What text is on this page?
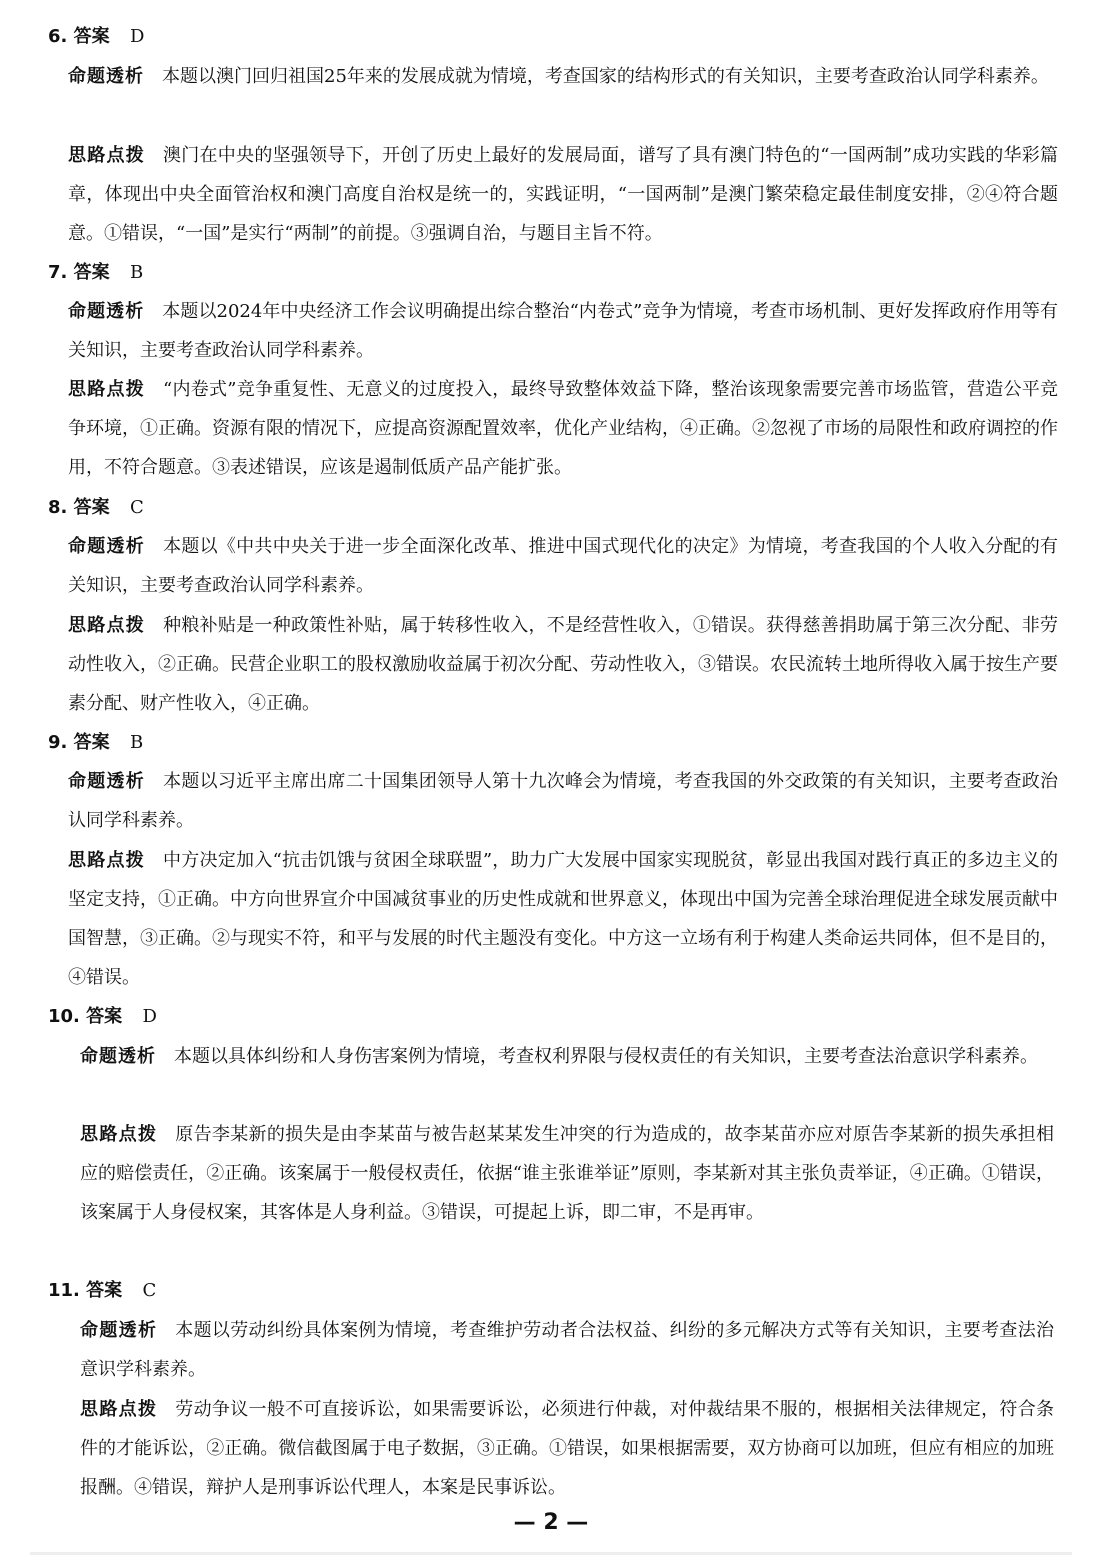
6. 答案 D

命题透析 本题以澳门回归祖国25年来的发展成就为情境，考查国家的结构形式的有关知识，主要考查政治认同学科素养。

思路点拨 澳门在中央的坚强领导下，开创了历史上最好的发展局面，谱写了具有澳门特色的“一国两制”成功实践的华彩篇章，体现出中央全面管治权和澳门高度自治权是统一的，实践证明，“一国两制”是澳门繁荣稳定最佳制度安排，②④符合题意。①错误，“一国”是实行“两制”的前提。③强调自治，与题目主旨不符。

7. 答案 B

命题透析 本题以2024年中央经济工作会议明确提出综合整治“内卷式”竞争为情境，考查市场机制、更好发挥政府作用等有关知识，主要考查政治认同学科素养。

思路点拨 “内卷式”竞争重复性、无意义的过度投入，最终导致整体效益下降，整治该现象需要完善市场监管，营造公平竞争环境，①正确。资源有限的情况下，应提高资源配置效率，优化产业结构，④正确。②忽视了市场的局限性和政府调控的作用，不符合题意。③表述错误，应该是遏制低质产品产能扩张。

8. 答案 C

命题透析 本题以《中共中央关于进一步全面深化改革、推进中国式现代化的决定》为情境，考查我国的个人收入分配的有关知识，主要考查政治认同学科素养。

思路点拨 种粮补贴是一种政策性补贴，属于转移性收入，不是经营性收入，①错误。获得慈善捐助属于第三次分配、非劳动性收入，②正确。民营企业职工的股权激励收益属于初次分配、劳动性收入，③错误。农民流转土地所得收入属于按生产要素分配、财产性收入，④正确。

9. 答案 B

命题透析 本题以习近平主席出席二十国集团领导人第十九次峰会为情境，考查我国的外交政策的有关知识，主要考查政治认同学科素养。

思路点拨 中方决定加入“抗击饥饿与贫困全球联盟”，助力广大发展中国家实现脱贫，彰显出我国对践行真正的多边主义的坚定支持，①正确。中方向世界宣介中国减贫事业的历史性成就和世界意义，体现出中国为完善全球治理促进全球发展贡献中国智慧，③正确。②与现实不符，和平与发展的时代主题没有变化。中方这一立场有利于构建人类命运共同体，但不是目的，④错误。

10. 答案 D

命题透析 本题以具体纠纷和人身伤害案例为情境，考查权利界限与侵权责任的有关知识，主要考查法治意识学科素养。

思路点拨 原告李某新的损失是由李某苗与被告赵某某发生冲突的行为造成的，故李某苗亦应对原告李某新的损失承担相应的赔偿责任，②正确。该案属于一般侵权责任，依据“谁主张谁举证”原则，李某新对其主张负责举证，④正确。①错误，该案属于人身侵权案，其客体是人身利益。③错误，可提起上诉，即二审，不是再审。

11. 答案 C

命题透析 本题以劳动纠纷具体案例为情境，考查维护劳动者合法权益、纠纷的多元解决方式等有关知识，主要考查法治意识学科素养。

思路点拨 劳动争议一般不可直接诉讼，如果需要诉讼，必须进行仲裁，对仲裁结果不服的，根据相关法律规定，符合条件的才能诉讼，②正确。微信截图属于电子数据，③正确。①错误，如果根据需要，双方协商可以加班，但应有相应的加班报酬。④错误，辩护人是刑事诉讼代理人，本案是民事诉讼。

— 2 —
